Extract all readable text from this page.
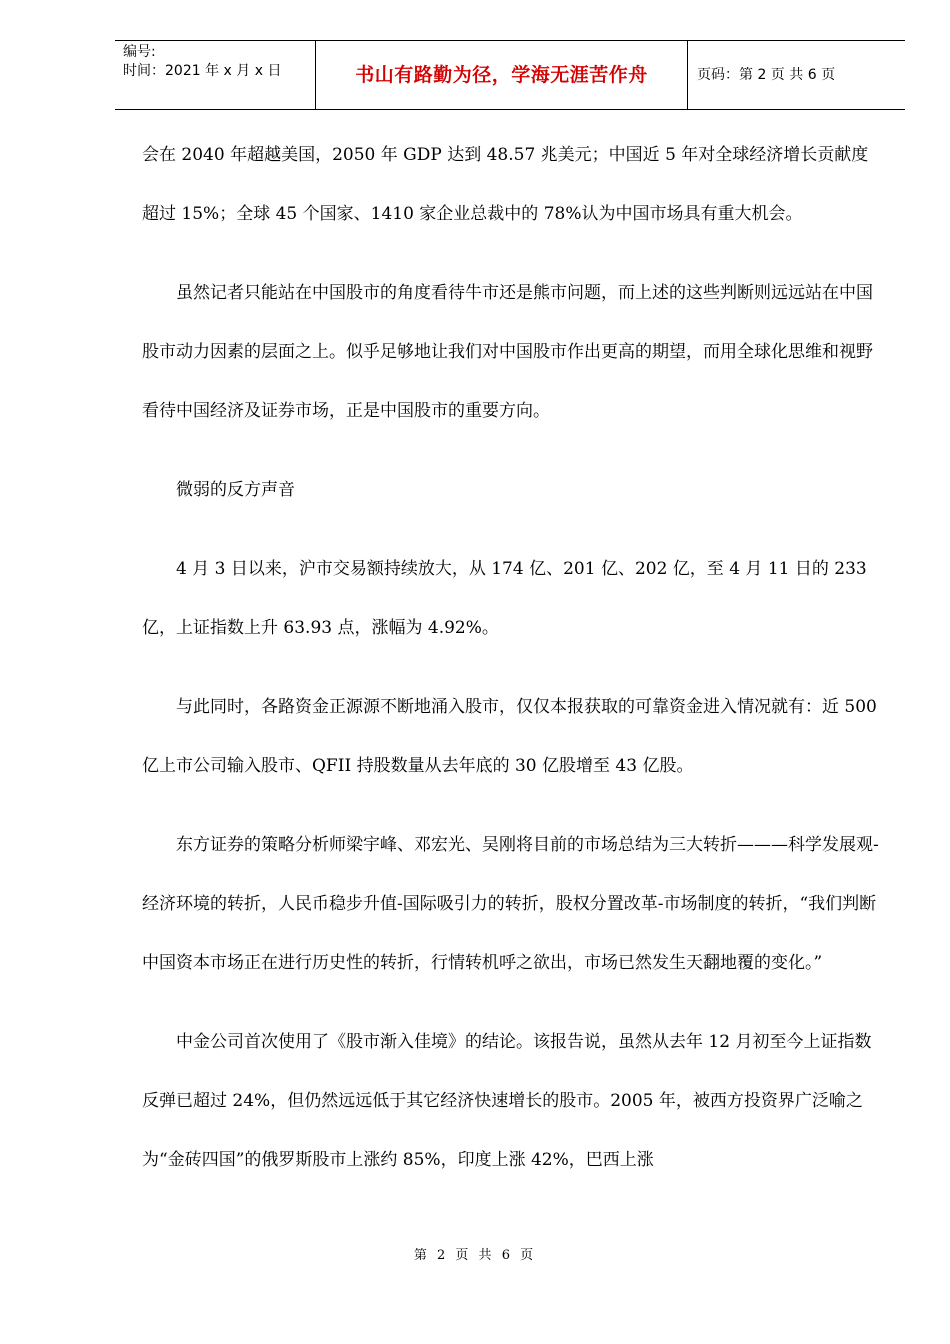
编号:
时间：2021 年 x 月 x 日	书山有路勤为径，学海无涯苦作舟	页码：第 2 页 共 6 页

会在 2040 年超越美国，2050 年 GDP 达到 48.57 兆美元；中国近 5 年对全球经济增长贡献度超过 15%；全球 45 个国家、1410 家企业总裁中的 78%认为中国市场具有重大机会。

虽然记者只能站在中国股市的角度看待牛市还是熊市问题，而上述的这些判断则远远站在中国股市动力因素的层面之上。似乎足够地让我们对中国股市作出更高的期望，而用全球化思维和视野看待中国经济及证券市场，正是中国股市的重要方向。

微弱的反方声音

4 月 3 日以来，沪市交易额持续放大，从 174 亿、201 亿、202 亿，至 4 月 11 日的 233 亿，上证指数上升 63.93 点，涨幅为 4.92%。

与此同时，各路资金正源源不断地涌入股市，仅仅本报获取的可靠资金进入情况就有：近 500 亿上市公司输入股市、QFII 持股数量从去年底的 30 亿股增至 43 亿股。

东方证券的策略分析师梁宇峰、邓宏光、吴刚将目前的市场总结为三大转折———科学发展观-经济环境的转折，人民币稳步升值-国际吸引力的转折，股权分置改革-市场制度的转折，“我们判断中国资本市场正在进行历史性的转折，行情转机呼之欲出，市场已然发生天翻地覆的变化。”

中金公司首次使用了《股市渐入佳境》的结论。该报告说，虽然从去年 12 月初至今上证指数反弹已超过 24%，但仍然远远低于其它经济快速增长的股市。2005 年，被西方投资界广泛喻之为“金砖四国”的俄罗斯股市上涨约 85%，印度上涨 42%，巴西上涨

第 2 页 共 6 页
